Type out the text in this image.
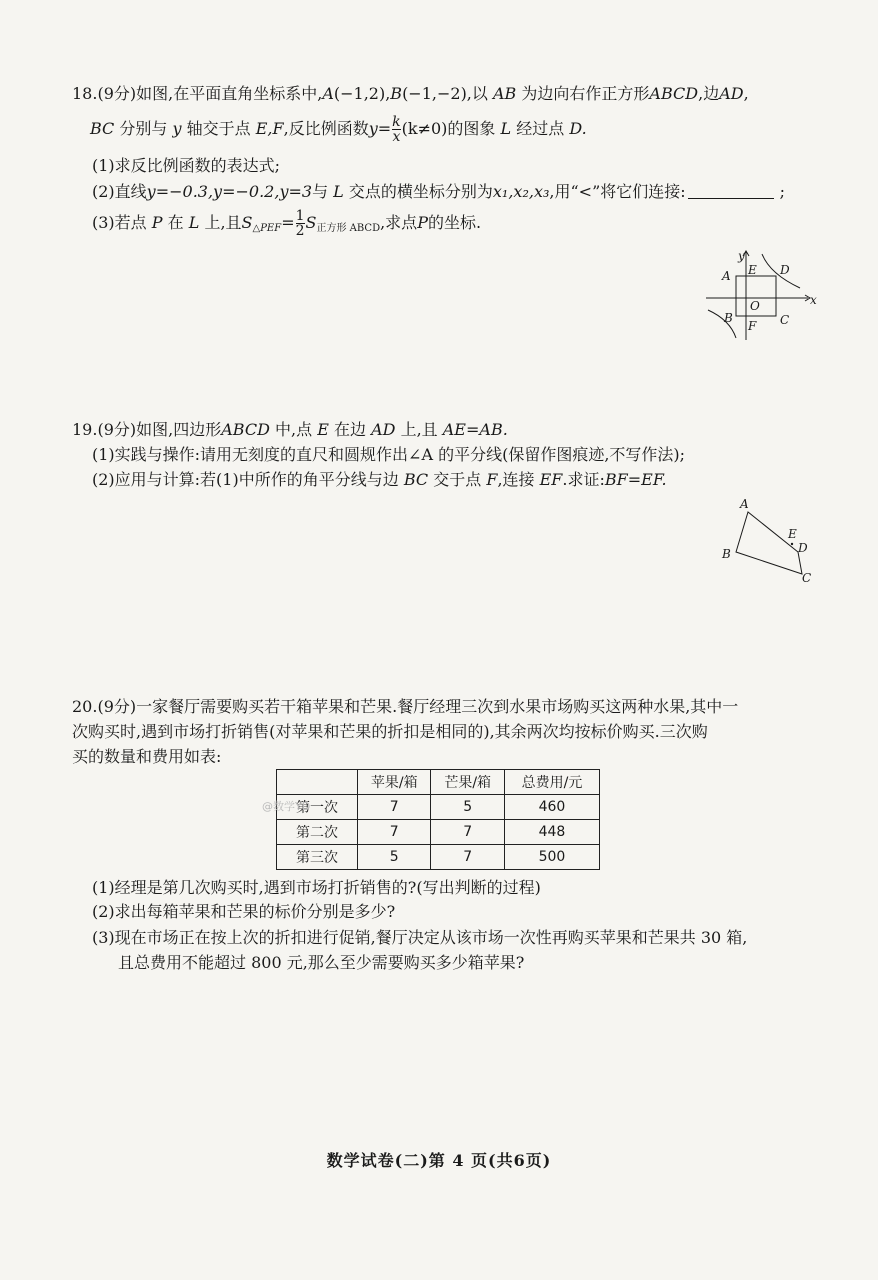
18.(9分)如图,在平面直角坐标系中,A(−1,2),B(−1,−2),以 AB 为边向右作正方形ABCD,边AD,
BC 分别与 y 轴交于点 E,F,反比例函数$y= \frac{k}{x} (k\ne 0)$的图象 L 经过点 D.
(1)求反比例函数的表达式;
(2)直线y=−0.3,y=−0.2,y=3与 L 交点的横坐标分别为x₁,x₂,x₃,用“<”将它们连接:	;
(3)若点 P 在 L 上,且$S_{\triangle PEF}= \frac{1}{2} S_{正方形 ABCD}$,求点P的坐标.
y
A E D
O	x
B
F C
19.(9分)如图,四边形ABCD 中,点 E 在边 AD 上,且 AE=AB.
(1)实践与操作:请用无刻度的直尺和圆规作出∠A 的平分线(保留作图痕迹,不写作法);
(2)应用与计算:若(1)中所作的角平分线与边 BC 交于点 F,连接 EF.求证:BF=EF.
A
E
D
B
C
20.(9分)一家餐厅需要购买若干箱苹果和芒果.餐厅经理三次到水果市场购买这两种水果,其中一
次购买时,遇到市场打折销售(对苹果和芒果的折扣是相同的),其余两次均按标价购买.三次购
买的数量和费用如表:
	苹果/箱	芒果/箱	总费用/元
第一次	7	5	460
第二次	7	7	448
第三次	5	7	500
@数学YD
(1)经理是第几次购买时,遇到市场打折销售的?(写出判断的过程)
(2)求出每箱苹果和芒果的标价分别是多少?
(3)现在市场正在按上次的折扣进行促销,餐厅决定从该市场一次性再购买苹果和芒果共 30 箱,
且总费用不能超过 800 元,那么至少需要购买多少箱苹果?
数学试卷(二)第 4 页(共6页)
